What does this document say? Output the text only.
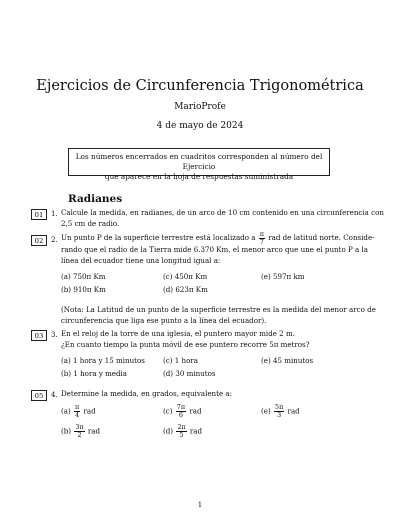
Ejercicios de Circunferencia Trigonométrica
MarioProfe
4 de mayo de 2024
Los números encerrados en cuadritos corresponden al número del Ejercicio
que aparece en la hoja de respuestas suministrada
Radianes
01	1. Calcule la medida, en radianes, de un arco de 10 cm contenido en una circunferencia con
2,5 cm de radio.
02	2. Un punto P de la superficie terrestre está localizado a $\frac{\pi}{7}$ rad de latitud norte. Conside-
rando que el radio de la Tierra mide 6.370 Km, el menor arco que une el punto P a la
línea del ecuador tiene una longitud igual a:
(a) 750π Km	(c) 450π Km	(e) 597π km
(b) 910π Km	(d) 623π Km
(Nota: La Latitud de un punto de la superficie terrestre es la medida del menor arco de
circunferencia que liga ese punto a la línea del ecuador).
03	3. En el reloj de la torre de una iglesia, el puntero mayor mide 2 m.
¿En cuanto tiempo la punta móvil de ese puntero recorre 5π metros?
(a) 1 hora y 15 minutos	(c) 1 hora	(e) 45 minutos
(b) 1 hora y media	(d) 30 minutos
05	4. Determine la medida, en grados, equivalente a:
$(a) \frac{\pi}{4}$ rad	$(c) \frac{7\pi}{6}$ rad	$(e) \frac{5\pi}{3}$ rad
$(b) \frac{3\pi}{2}$ rad	$(d) \frac{2\pi}{5}$ rad
1
